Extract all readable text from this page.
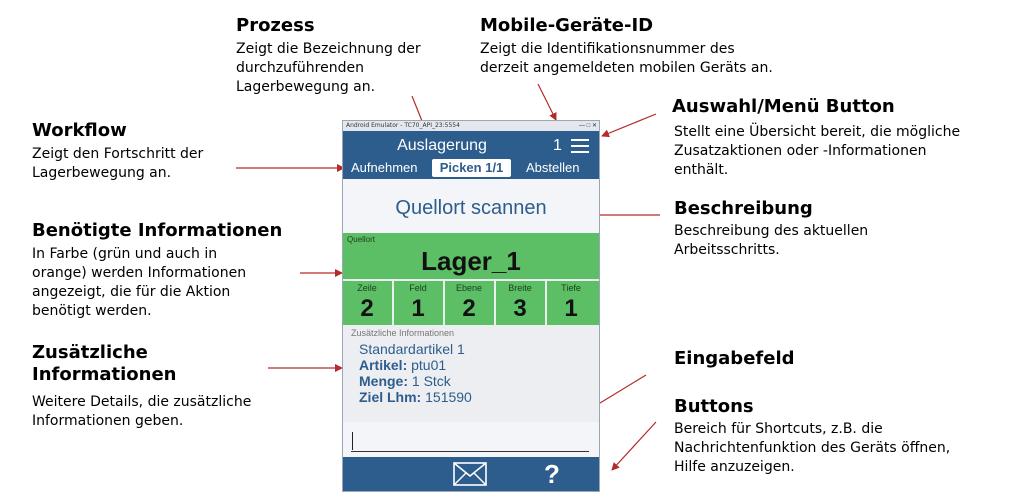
Prozess
Zeigt die Bezeichnung der
durchzuführenden
Lagerbewegung an.
Mobile-Geräte-ID
Zeigt die Identifikationsnummer des
derzeit angemeldeten mobilen Geräts an.
Auswahl/Menü Button
Stellt eine Übersicht bereit, die mögliche
Zusatzaktionen oder -Informationen
enthält.
Workflow
Zeigt den Fortschritt der
Lagerbewegung an.
Beschreibung
Beschreibung des aktuellen
Arbeitsschritts.
Benötigte Informationen
In Farbe (grün und auch in
orange) werden Informationen
angezeigt, die für die Aktion
benötigt werden.
Zusätzliche
Informationen
Weitere Details, die zusätzliche
Informationen geben.
Eingabefeld
Buttons
Bereich für Shortcuts, z.B. die
Nachrichtenfunktion des Geräts öffnen,
Hilfe anzuzeigen.
Android Emulator - TC70_API_23:5554	— □ ✕
Auslagerung	1
Aufnehmen	Picken 1/1	Abstellen
Quellort scannen
Quellort
Lager_1
Zeile
2
Feld
1
Ebene
2
Breite
3
Tiefe
1
Zusätzliche Informationen
Standardartikel 1
Artikel: ptu01
Menge: 1 Stck
Ziel Lhm: 151590
?
